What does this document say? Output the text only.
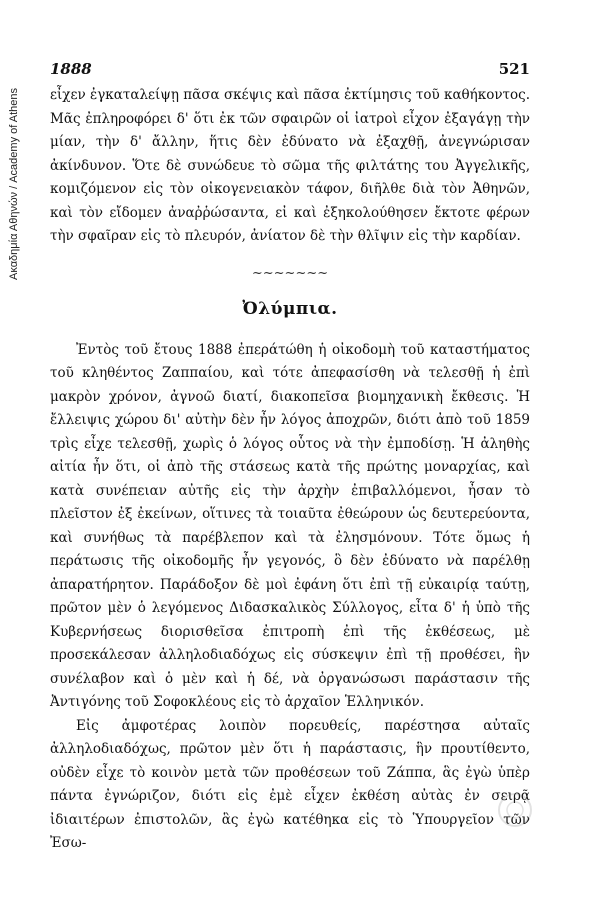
Ακαδημία Αθηνών / Academy of Athens
1888	521

εἶχεν ἐγκαταλείψῃ πᾶσα σκέψις καὶ πᾶσα ἐκτίμησις τοῦ καθήκοντος. Μᾶς ἐπληροφόρει δ' ὅτι ἐκ τῶν σφαιρῶν οἱ ἰατροὶ εἶχον ἐξαγάγῃ τὴν μίαν, τὴν δ' ἄλλην, ἥτις δὲν ἐδύνατο νὰ ἐξαχθῇ, ἀνεγνώρισαν ἀκίνδυνον. Ὅτε δὲ συνώδευε τὸ σῶμα τῆς φιλτάτης του Ἀγγελικῆς, κομιζόμενον εἰς τὸν οἰκογενειακὸν τάφον, διῆλθε διὰ τὸν Ἀθηνῶν, καὶ τὸν εἴδομεν ἀναῤῥώσαντα, εἰ καὶ ἐξηκολούθησεν ἔκτοτε φέρων τὴν σφαῖραν εἰς τὸ πλευρόν, ἀνίατον δὲ τὴν θλῖψιν εἰς τὴν καρδίαν.

~~~~~~~
Ὀλύμπια.

Ἐντὸς τοῦ ἔτους 1888 ἐπεράτώθη ἡ οἰκοδομὴ τοῦ καταστήματος τοῦ κληθέντος Ζαππαίου, καὶ τότε ἀπεφασίσθη νὰ τελεσθῇ ἡ ἐπὶ μακρὸν χρόνον, ἀγνοῶ διατί, διακοπεῖσα βιομηχανικὴ ἔκθεσις. Ἡ ἔλλειψις χώρου δι' αὐτὴν δὲν ἦν λόγος ἀποχρῶν, διότι ἀπὸ τοῦ 1859 τρὶς εἶχε τελεσθῇ, χωρὶς ὁ λόγος οὗτος νὰ τὴν ἐμποδίσῃ. Ἡ ἀληθὴς αἰτία ἦν ὅτι, οἱ ἀπὸ τῆς στάσεως κατὰ τῆς πρώτης μοναρχίας, καὶ κατὰ συνέπειαν αὐτῆς εἰς τὴν ἀρχὴν ἐπιβαλλόμενοι, ἦσαν τὸ πλεῖστον ἐξ ἐκείνων, οἵτινες τὰ τοιαῦτα ἐθεώρουν ὡς δευτερεύοντα, καὶ συνήθως τὰ παρέβλεπον καὶ τὰ ἐλησμόνουν. Τότε ὅμως ἡ περάτωσις τῆς οἰκοδομῆς ἦν γεγονός, ὃ δὲν ἐδύνατο νὰ παρέλθῃ ἀπαρατήρητον. Παράδοξον δὲ μοὶ ἐφάνη ὅτι ἐπὶ τῇ εὐκαιρίᾳ ταύτῃ, πρῶτον μὲν ὁ λεγόμενος Διδασκαλικὸς Σύλλογος, εἶτα δ' ἡ ὑπὸ τῆς Κυβερνήσεως διορισθεῖσα ἐπιτροπὴ ἐπὶ τῆς ἐκθέσεως, μὲ προσεκάλεσαν ἀλληλοδιαδόχως εἰς σύσκεψιν ἐπὶ τῇ προθέσει, ἣν συνέλαβον καὶ ὁ μὲν καὶ ἡ δέ, νὰ ὀργανώσωσι παράστασιν τῆς Ἀντιγόνης τοῦ Σοφοκλέους εἰς τὸ ἀρχαῖον Ἑλληνικόν.

Εἰς ἀμφοτέρας λοιπὸν πορευθείς, παρέστησα αὐταῖς ἀλληλοδιαδόχως, πρῶτον μὲν ὅτι ἡ παράστασις, ἣν προυτίθεντο, οὐδὲν εἶχε τὸ κοινὸν μετὰ τῶν προθέσεων τοῦ Ζάππα, ἃς ἐγὼ ὑπὲρ πάντα ἐγνώριζον, διότι εἰς ἐμὲ εἶχεν ἐκθέση αὐτὰς ἐν σειρᾷ ἰδιαιτέρων ἐπιστολῶν, ἃς ἐγὼ κατέθηκα εἰς τὸ Ὑπουργεῖον τῶν Ἐσω-
